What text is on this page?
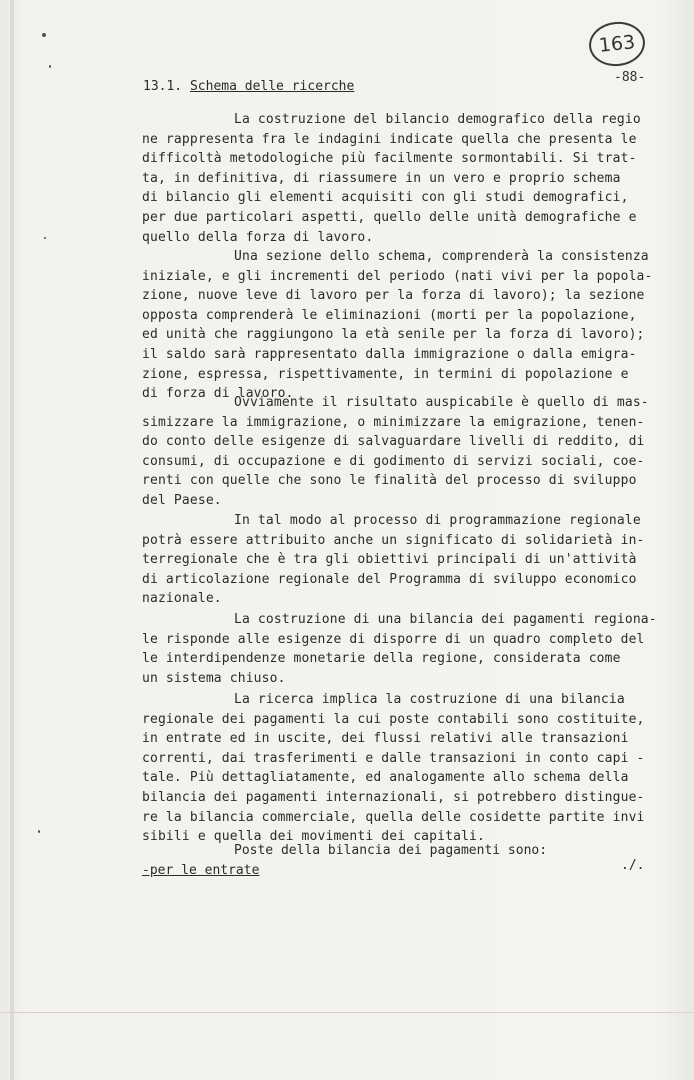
163
-88-
13.1. Schema delle ricerche
La costruzione del bilancio demografico della regio
ne rappresenta fra le indagini indicate quella che presenta le
difficoltà metodologiche più facilmente sormontabili. Si trat-
ta, in definitiva, di riassumere in un vero e proprio schema
di bilancio gli elementi acquisiti con gli studi demografici,
per due particolari aspetti, quello delle unità demografiche e
quello della forza di lavoro.
Una sezione dello schema, comprenderà la consistenza
iniziale, e gli incrementi del periodo (nati vivi per la popola-
zione, nuove leve di lavoro per la forza di lavoro); la sezione
opposta comprenderà le eliminazioni (morti per la popolazione,
ed unità che raggiungono la età senile per la forza di lavoro);
il saldo sarà rappresentato dalla immigrazione o dalla emigra-
zione, espressa, rispettivamente, in termini di popolazione e
di forza di lavoro.
Ovviamente il risultato auspicabile è quello di mas-
simizzare la immigrazione, o minimizzare la emigrazione, tenen-
do conto delle esigenze di salvaguardare livelli di reddito, di
consumi, di occupazione e di godimento di servizi sociali, coe-
renti con quelle che sono le finalità del processo di sviluppo
del Paese.
In tal modo al processo di programmazione regionale
potrà essere attribuito anche un significato di solidarietà in-
terregionale che è tra gli obiettivi principali di un'attività
di articolazione regionale del Programma di sviluppo economico
nazionale.
La costruzione di una bilancia dei pagamenti regiona-
le risponde alle esigenze di disporre di un quadro completo del
le interdipendenze monetarie della regione, considerata come
un sistema chiuso.
La ricerca implica la costruzione di una bilancia
regionale dei pagamenti la cui poste contabili sono costituite,
in entrate ed in uscite, dei flussi relativi alle transazioni
correnti, dai trasferimenti e dalle transazioni in conto capi -
tale. Più dettagliatamente, ed analogamente allo schema della
bilancia dei pagamenti internazionali, si potrebbero distingue-
re la bilancia commerciale, quella delle cosidette partite invi
sibili e quella dei movimenti dei capitali.
Poste della bilancia dei pagamenti sono:
-per le entrate	./.
